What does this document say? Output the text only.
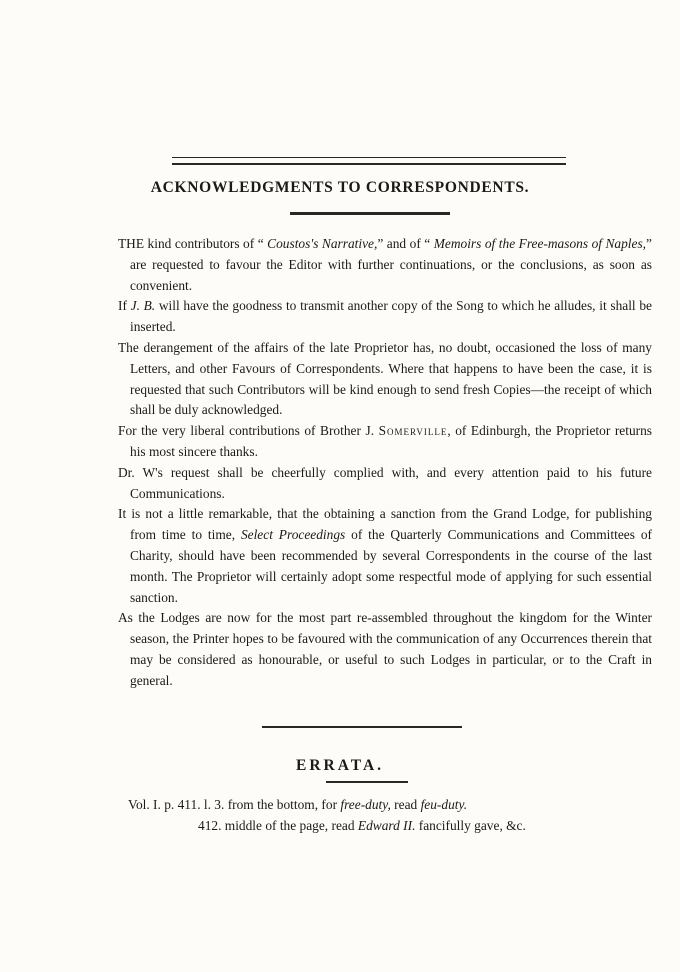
ACKNOWLEDGMENTS TO CORRESPONDENTS.

THE kind contributors of “ Coustos's Narrative,” and of “ Memoirs of the Free-masons of Naples,” are requested to favour the Editor with further continuations, or the conclusions, as soon as convenient.

If J. B. will have the goodness to transmit another copy of the Song to which he alludes, it shall be inserted.

The derangement of the affairs of the late Proprietor has, no doubt, occasioned the loss of many Letters, and other Favours of Correspondents. Where that happens to have been the case, it is requested that such Contributors will be kind enough to send fresh Copies—the receipt of which shall be duly acknowledged.

For the very liberal contributions of Brother J. Somerville, of Edinburgh, the Proprietor returns his most sincere thanks.

Dr. W's request shall be cheerfully complied with, and every attention paid to his future Communications.

It is not a little remarkable, that the obtaining a sanction from the Grand Lodge, for publishing from time to time, Select Proceedings of the Quarterly Communications and Committees of Charity, should have been recommended by several Correspondents in the course of the last month. The Proprietor will certainly adopt some respectful mode of applying for such essential sanction.

As the Lodges are now for the most part re-assembled throughout the kingdom for the Winter season, the Printer hopes to be favoured with the communication of any Occurrences therein that may be considered as honourable, or useful to such Lodges in particular, or to the Craft in general.

ERRATA.

Vol. I. p. 411. l. 3. from the bottom, for free-duty, read feu-duty.

412. middle of the page, read Edward II. fancifully gave, &c.
